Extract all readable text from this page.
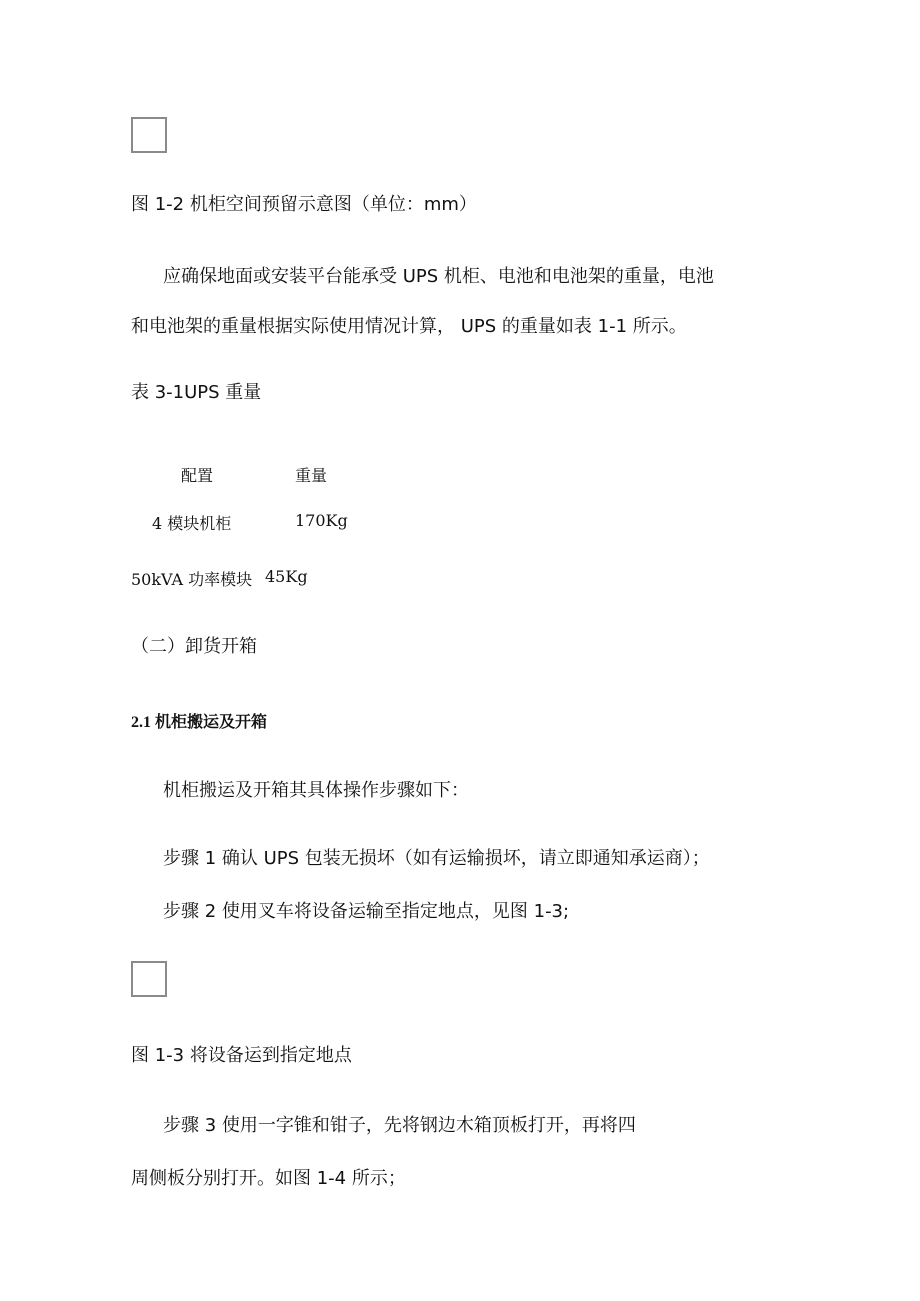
图 1-2 机柜空间预留示意图（单位：mm）
应确保地面或安装平台能承受 UPS 机柜、电池和电池架的重量，电池
和电池架的重量根据实际使用情况计算， UPS 的重量如表 1-1 所示。
表 3-1UPS 重量
配置	重量
4 模块机柜	170Kg
50kVA 功率模块 45Kg
（二）卸货开箱
2.1 机柜搬运及开箱
机柜搬运及开箱其具体操作步骤如下：
步骤 1 确认 UPS 包装无损坏（如有运输损坏，请立即通知承运商）；
步骤 2 使用叉车将设备运输至指定地点，见图 1-3;
图 1-3 将设备运到指定地点
步骤 3 使用一字锥和钳子，先将钢边木箱顶板打开，再将四
周侧板分别打开。如图 1-4 所示；
